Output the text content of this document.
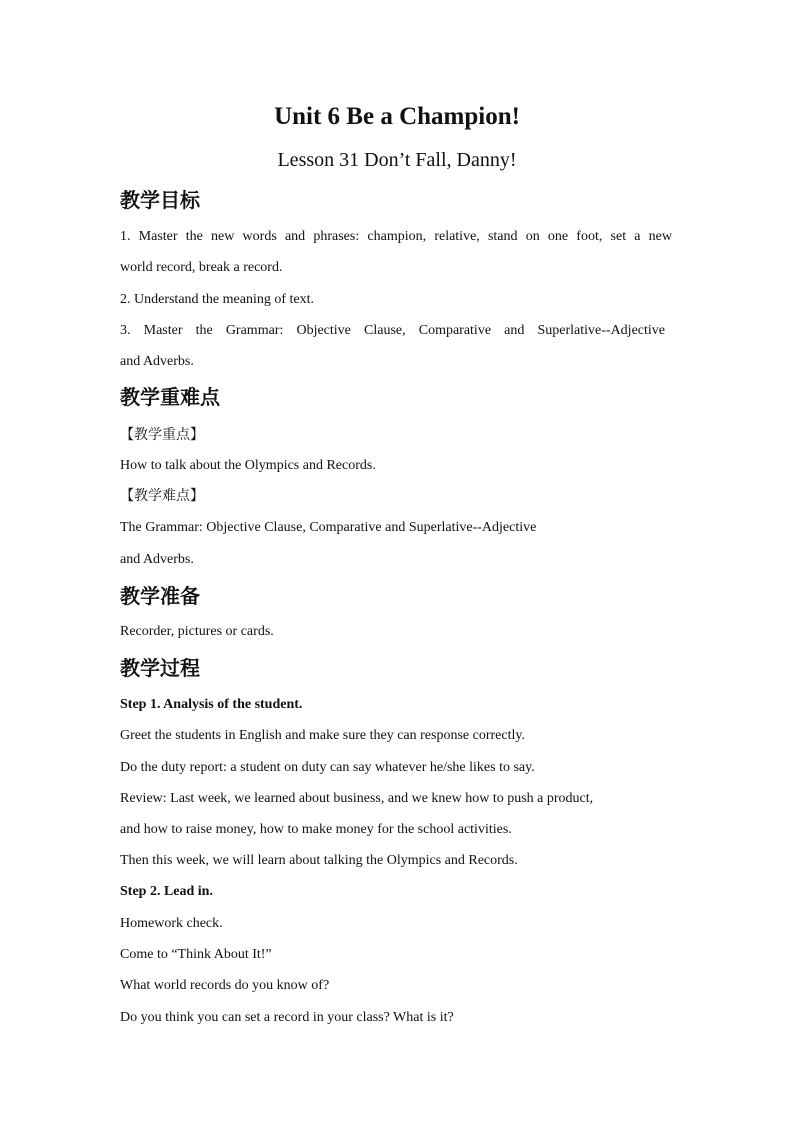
Unit 6 Be a Champion!
Lesson 31 Don’t Fall, Danny!
教学目标
1. Master the new words and phrases: champion, relative, stand on one foot, set a new
world record, break a record.
2. Understand the meaning of text.
3. Master the Grammar: Objective Clause, Comparative and Superlative--Adjective
and Adverbs.
教学重难点
【教学重点】
How to talk about the Olympics and Records.
【教学难点】
The Grammar: Objective Clause, Comparative and Superlative--Adjective
and Adverbs.
教学准备
Recorder, pictures or cards.
教学过程
Step 1. Analysis of the student.
Greet the students in English and make sure they can response correctly.
Do the duty report: a student on duty can say whatever he/she likes to say.
Review: Last week, we learned about business, and we knew how to push a product,
and how to raise money, how to make money for the school activities.
Then this week, we will learn about talking the Olympics and Records.
Step 2. Lead in.
Homework check.
Come to “Think About It!”
What world records do you know of?
Do you think you can set a record in your class? What is it?
